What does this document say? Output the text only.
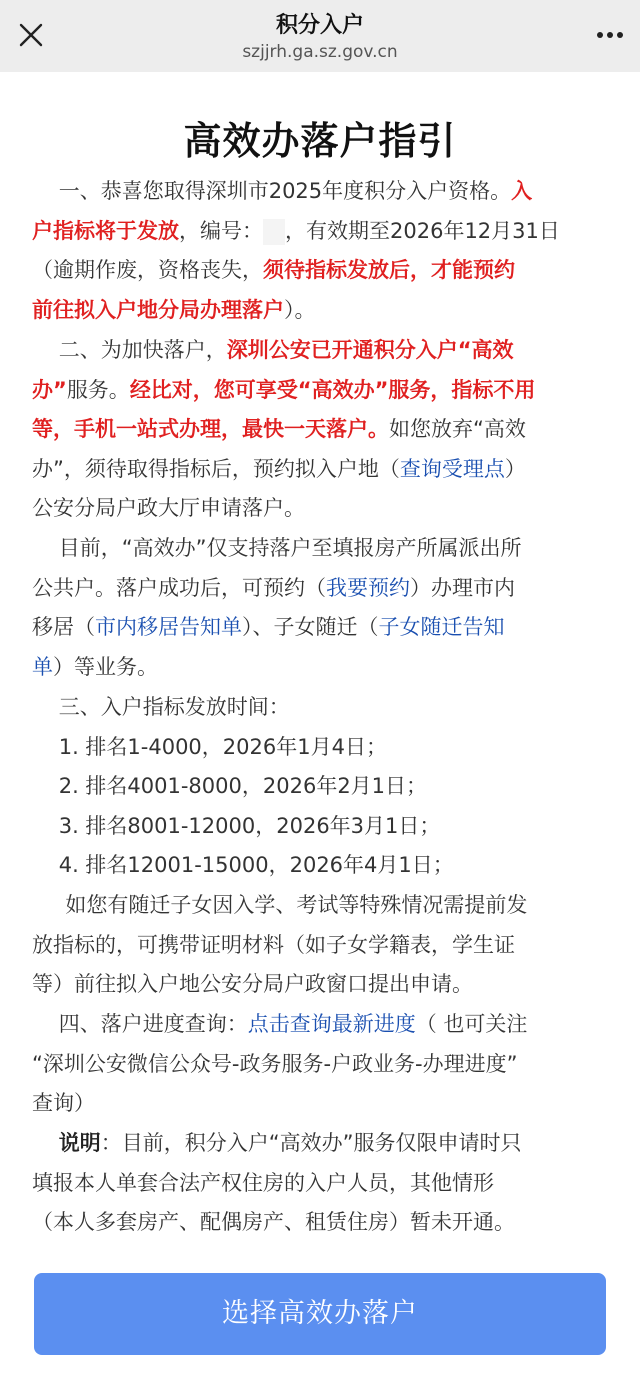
积分入户
szjjrh.ga.sz.gov.cn
高效办落户指引
一、恭喜您取得深圳市2025年度积分入户资格。入
户指标将于发放，编号： ，有效期至2026年12月31日
（逾期作废，资格丧失，须待指标发放后，才能预约
前往拟入户地分局办理落户）。
二、为加快落户，深圳公安已开通积分入户“高效
办”服务。经比对，您可享受“高效办”服务，指标不用
等，手机一站式办理，最快一天落户。如您放弃“高效
办”，须待取得指标后，预约拟入户地（查询受理点）
公安分局户政大厅申请落户。
目前，“高效办”仅支持落户至填报房产所属派出所
公共户。落户成功后，可预约（我要预约）办理市内
移居（市内移居告知单）、子女随迁（子女随迁告知
单）等业务。
三、入户指标发放时间：
1. 排名1-4000，2026年1月4日；
2. 排名4001-8000，2026年2月1日；
3. 排名8001-12000，2026年3月1日；
4. 排名12001-15000，2026年4月1日；
如您有随迁子女因入学、考试等特殊情况需提前发
放指标的，可携带证明材料（如子女学籍表，学生证
等）前往拟入户地公安分局户政窗口提出申请。
四、落户进度查询：点击查询最新进度（ 也可关注
“深圳公安微信公众号-政务服务-户政业务-办理进度”
查询）
说明：目前，积分入户“高效办”服务仅限申请时只
填报本人单套合法产权住房的入户人员，其他情形
（本人多套房产、配偶房产、租赁住房）暂未开通。
选择高效办落户
